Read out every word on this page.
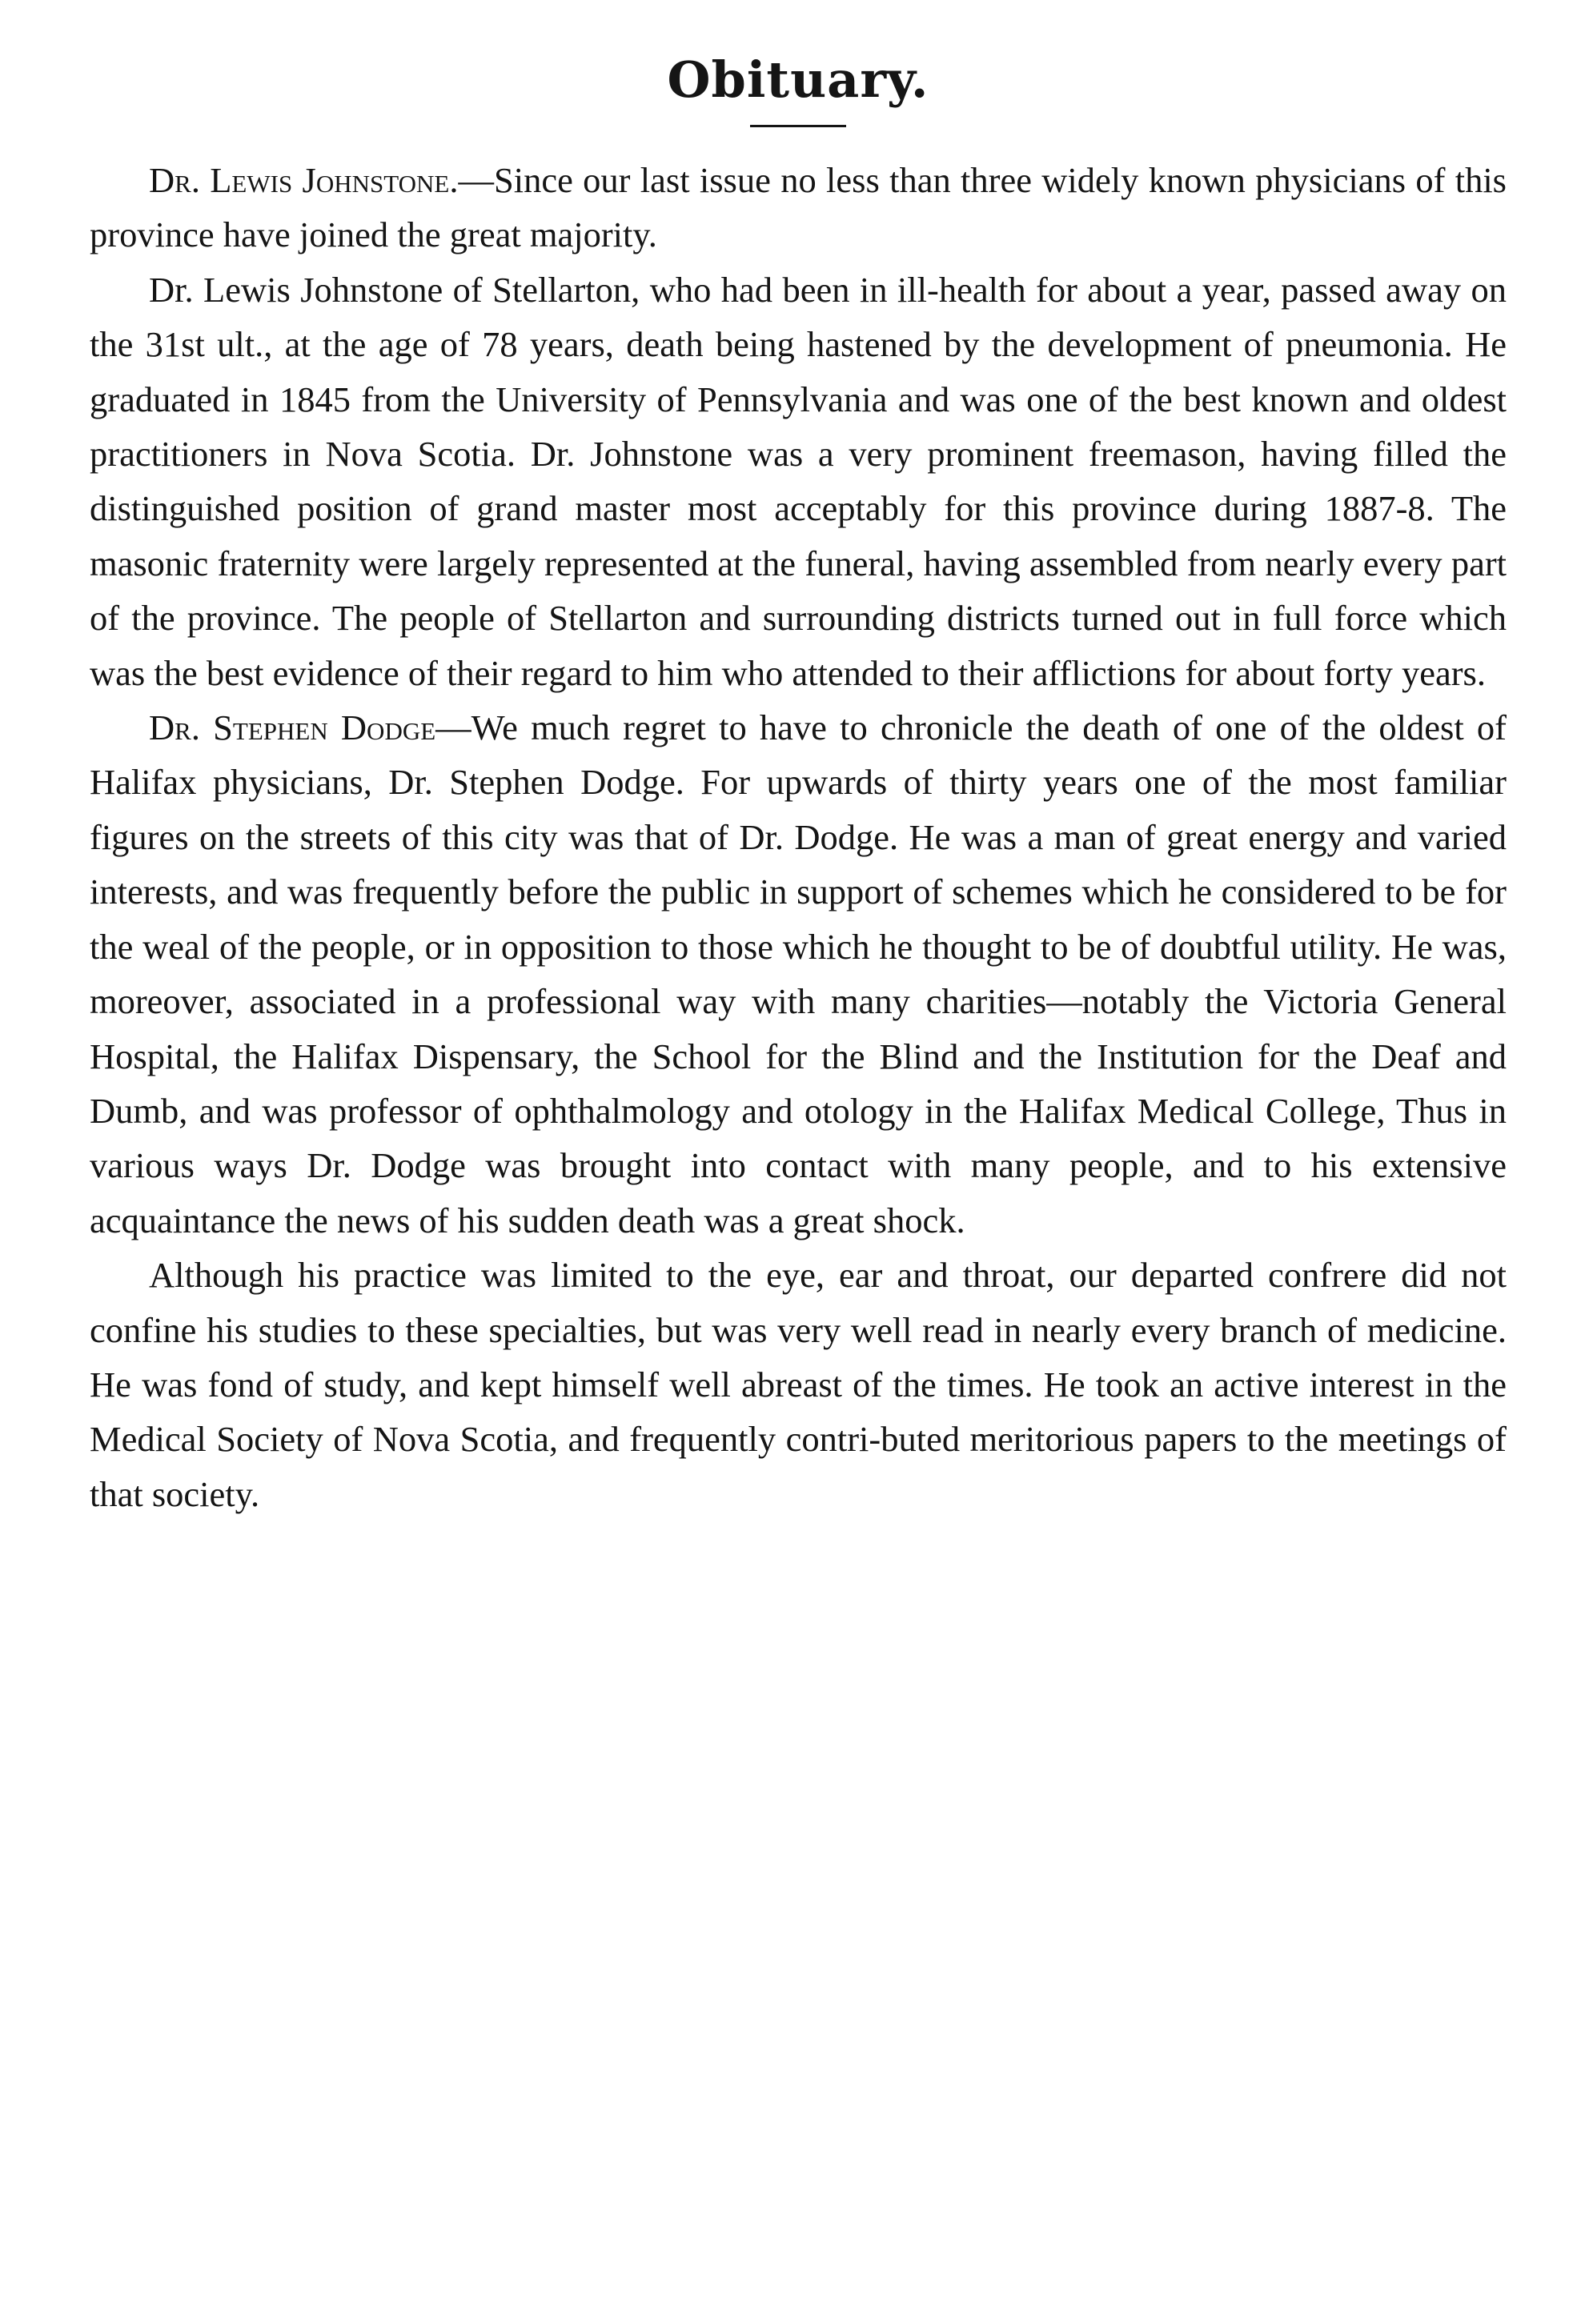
Obituary.

Dr. Lewis Johnstone.—Since our last issue no less than three widely known physicians of this province have joined the great majority.

Dr. Lewis Johnstone of Stellarton, who had been in ill-health for about a year, passed away on the 31st ult., at the age of 78 years, death being hastened by the development of pneumonia. He graduated in 1845 from the University of Pennsylvania and was one of the best known and oldest practitioners in Nova Scotia. Dr. Johnstone was a very prominent freemason, having filled the distinguished position of grand master most acceptably for this province during 1887-8. The masonic fraternity were largely represented at the funeral, having assembled from nearly every part of the province. The people of Stellarton and surrounding districts turned out in full force which was the best evidence of their regard to him who attended to their afflictions for about forty years.

Dr. Stephen Dodge—We much regret to have to chronicle the death of one of the oldest of Halifax physicians, Dr. Stephen Dodge. For upwards of thirty years one of the most familiar figures on the streets of this city was that of Dr. Dodge. He was a man of great energy and varied interests, and was frequently before the public in support of schemes which he considered to be for the weal of the people, or in opposition to those which he thought to be of doubtful utility. He was, moreover, associated in a professional way with many charities—notably the Victoria General Hospital, the Halifax Dispensary, the School for the Blind and the Institution for the Deaf and Dumb, and was professor of ophthalmology and otology in the Halifax Medical College, Thus in various ways Dr. Dodge was brought into contact with many people, and to his extensive acquaintance the news of his sudden death was a great shock.

Although his practice was limited to the eye, ear and throat, our departed confrere did not confine his studies to these specialties, but was very well read in nearly every branch of medicine. He was fond of study, and kept himself well abreast of the times. He took an active interest in the Medical Society of Nova Scotia, and frequently contri-buted meritorious papers to the meetings of that society.
